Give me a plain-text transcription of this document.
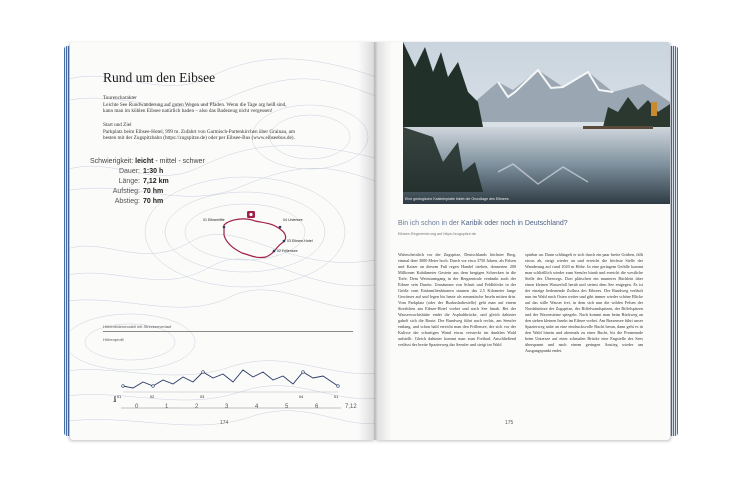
Rund um den Eibsee
Tourencharakter
Leichte See Rundwanderung auf guten Wegen und Pfaden. Wenn die Tage arg heiß sind,
kann man im kühlen Eibsee natürlich baden – also das Badezeug nicht vergessen!
Start und Ziel
Parkplatz beim Eibsee-Hotel, 999 m. Zufahrt von Garmisch-Partenkirchen über Grainau, am
besten mit der Zugspitzbahn (https://zugspitze.de) oder per Eibsee-Bus (www.eibseebus.de).
Schwierigkeit: leicht - mittel - schwer
Dauer: 1:30 h
Länge: 7,12 km
Aufstieg: 70 hm
Abstieg: 70 hm
01 Eibseelifte	04 Untersee
03 Eibsee-Hotel
02 Frillensee
Höhenlinienmodell mit Streckenverlauf
Höhenprofil
01	02	03	04	01
0	1	2	3	4	5	6	7,12
km
174
Eine geologische Kalsteinplatte bildet die Grundlage des Eibsees
Bin ich schon in der Karibik oder noch in Deutschland?
Eibsee-Regenerierung auf https://zugspitze.de
Wahrscheinlich vor der Zugspitze, Deutschlands höchster Berg, einmal über 3000 Meter hoch. Durch vor etwa 3750 Jahren, als Felsen und Kaiser an diesem Fuß regen Handel trieben, donnerten 200 Millionen Kubikmeter Gestein aus dem bergigen Schrecken in die Tiefe. Dem Wettsturmgang in der Bergzentrale verdankt auch der Eibsee sein Dasein. Umsäumen von Schutt und Feldblöcke in der Größe vom Einfamilienhäusern staunen das 2,5 Kilometer lange Gewässer auf und legen bis heute als romantische Inseln mitten drin. Vom Parkplatz (oder der Busbushaltestelle) geht man auf einem Streifchen am Eibsee-Hotel vorbei und nach See hinab. Bei der Wasserwachtshütte endet die Asphaltbrücke, und gleich dahinter gabelt sich die Route. Der Rundweg führt nach rechts, am Seeufer entlang, und schon bald erreicht man den Frillensee, der sich vor der Kulisse der schartigen Wand etwas versteckt im dunklen Wald aufstellt. Gleich dahinter kommt man zum Freibad. Anschließend verlässt der breite Spazierweg das Seeufer und steigt im Wald
spürbar an. Dann schlängelt er sich durch ein paar breite Grüben, fällt etwas ab, steigt wieder an und erreicht die höchste Stelle der Wanderung auf rund 1020 m Höhe. In eine geringem Gefälle kommt man schließlich wieder zum Seeufer hinab und erreicht die westliche Stelle des Überwegs. Dort plätschert ein munteres Bächlein über einen kleinen Wasserfall herab und steinst dem See entgegen. Es ist der einzige bedeutende Zufluss des Eibsees. Der Rundweg verläuft nun im Wald nach Osten weiter und gibt immer wieder schöne Blicke auf das stille Wasser frei, in dem sich nun die wilden Felsen der Nordabstürze der Zugspitze, der Riffelwandspitzen, der Riffelspitzen und der Waxensteine spiegeln. Nach kommt man beim Rückweg an den sieben kleinen Inseln im Eibsee vorbei. Am Braxensee führt unser Spazierweg nahe an eine eindrucksvolle Bucht heran, dann geht es in den Wald hinein und abermals zu einer Bucht, bis die Promenade beim Untersee auf einer schmalen Brücke eine Engstelle des Sees überspannt und nach einem geringen Anstieg wieder am Ausgangspunkt endet.
175
